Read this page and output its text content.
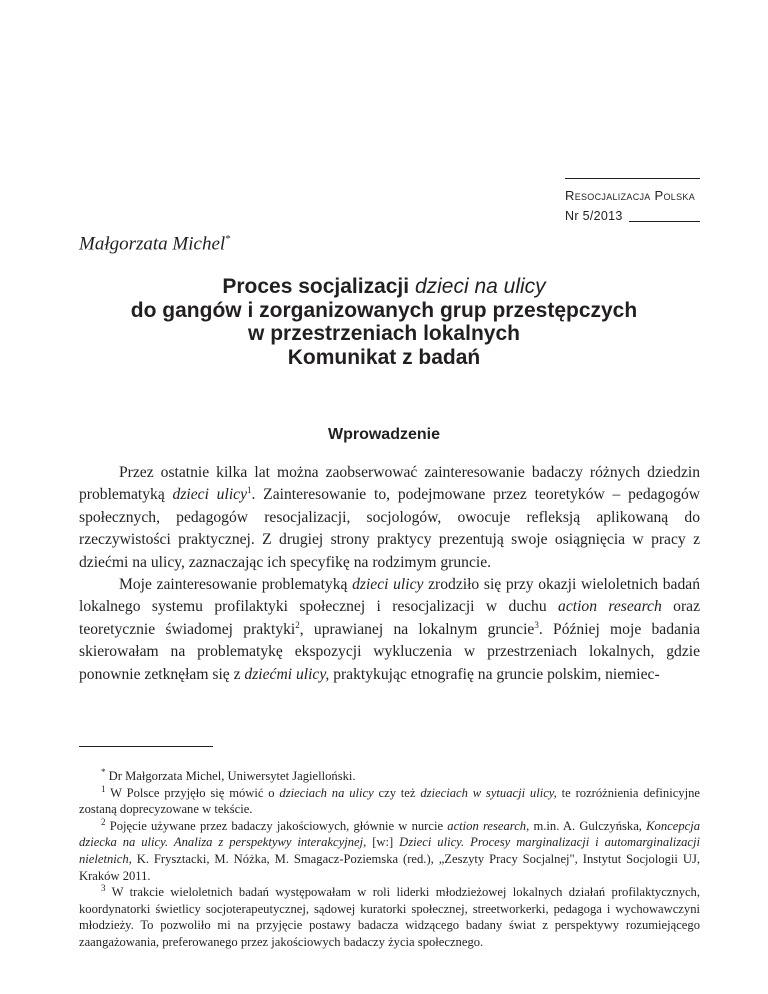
Resocjalizacja Polska
Nr 5/2013
Małgorzata Michel*
Proces socjalizacji dzieci na ulicy
do gangów i zorganizowanych grup przestępczych
w przestrzeniach lokalnych
Komunikat z badań
Wprowadzenie

Przez ostatnie kilka lat można zaobserwować zainteresowanie badaczy różnych dziedzin problematyką dzieci ulicy$^1$. Zainteresowanie to, podejmowane przez teoretyków – pedagogów społecznych, pedagogów resocjalizacji, socjologów, owocuje refleksją aplikowaną do rzeczywistości praktycznej. Z drugiej strony praktycy prezentują swoje osiągnięcia w pracy z dziećmi na ulicy, zaznaczając ich specyfikę na rodzimym gruncie.

Moje zainteresowanie problematyką dzieci ulicy zrodziło się przy okazji wieloletnich badań lokalnego systemu profilaktyki społecznej i resocjalizacji w duchu action research oraz teoretycznie świadomej praktyki$^2$, uprawianej na lokalnym gruncie$^3$. Później moje badania skierowałam na problematykę ekspozycji wykluczenia w przestrzeniach lokalnych, gdzie ponownie zetknęłam się z dziećmi ulicy, praktykując etnografię na gruncie polskim, niemiec-

* Dr Małgorzata Michel, Uniwersytet Jagielloński.

$^1$ W Polsce przyjęło się mówić o dzieciach na ulicy czy też dzieciach w sytuacji ulicy, te rozróżnienia definicyjne zostaną doprecyzowane w tekście.

$^2$ Pojęcie używane przez badaczy jakościowych, głównie w nurcie action research, m.in. A. Gulczyńska, Koncepcja dziecka na ulicy. Analiza z perspektywy interakcyjnej, [w:] Dzieci ulicy. Procesy marginalizacji i automarginalizacji nieletnich, K. Frysztacki, M. Nóżka, M. Smagacz-Poziemska (red.), „Zeszyty Pracy Socjalnej", Instytut Socjologii UJ, Kraków 2011.

$^3$ W trakcie wieloletnich badań występowałam w roli liderki młodzieżowej lokalnych działań profilaktycznych, koordynatorki świetlicy socjoterapeutycznej, sądowej kuratorki społecznej, streetworkerki, pedagoga i wychowawczyni młodzieży. To pozwoliło mi na przyjęcie postawy badacza widzącego badany świat z perspektywy rozumiejącego zaangażowania, preferowanego przez jakościowych badaczy życia społecznego.
